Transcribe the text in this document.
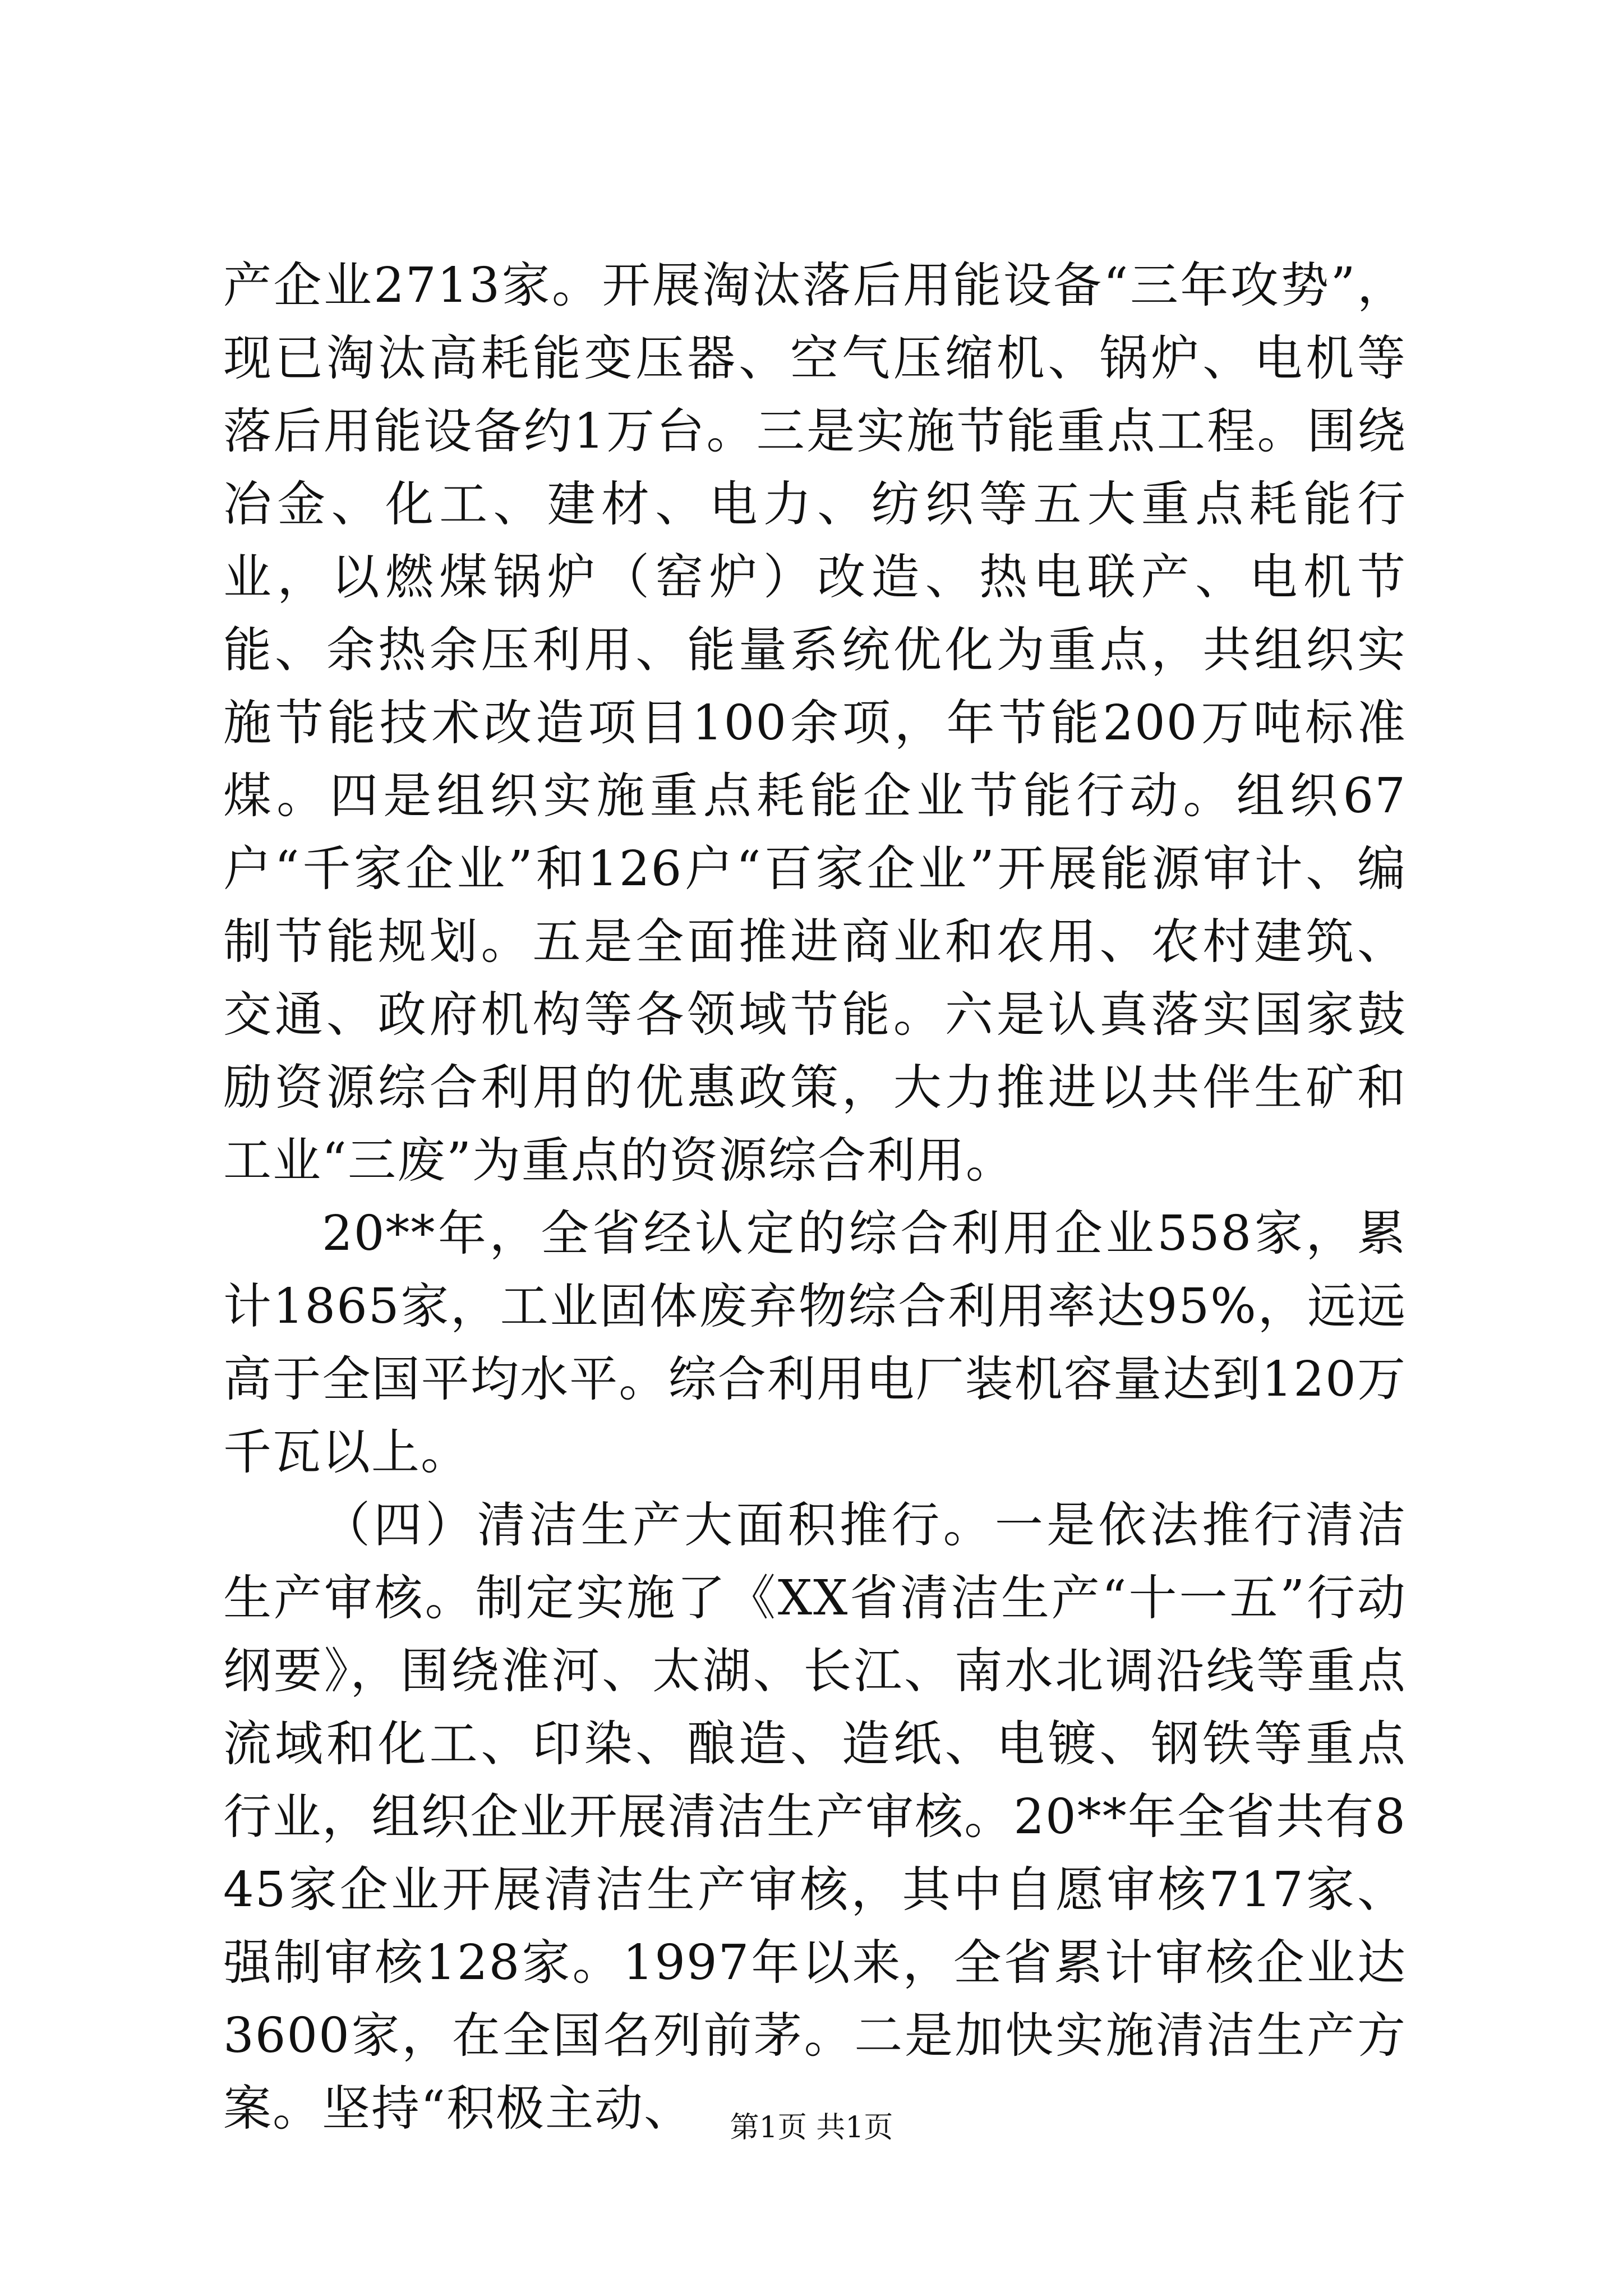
产企业2713家。开展淘汰落后用能设备“三年攻势”，现已淘汰高耗能变压器、空气压缩机、锅炉、电机等落后用能设备约1万台。三是实施节能重点工程。围绕冶金、化工、建材、电力、纺织等五大重点耗能行业，以燃煤锅炉（窑炉）改造、热电联产、电机节能、余热余压利用、能量系统优化为重点，共组织实施节能技术改造项目100余项，年节能200万吨标准煤。四是组织实施重点耗能企业节能行动。组织67户“千家企业”和126户“百家企业”开展能源审计、编制节能规划。五是全面推进商业和农用、农村建筑、交通、政府机构等各领域节能。六是认真落实国家鼓励资源综合利用的优惠政策，大力推进以共伴生矿和工业“三废”为重点的资源综合利用。

20**年，全省经认定的综合利用企业558家，累计1865家，工业固体废弃物综合利用率达95%，远远高于全国平均水平。综合利用电厂装机容量达到120万千瓦以上。

（四）清洁生产大面积推行。一是依法推行清洁生产审核。制定实施了《XX省清洁生产“十一五”行动纲要》，围绕淮河、太湖、长江、南水北调沿线等重点流域和化工、印染、酿造、造纸、电镀、钢铁等重点行业，组织企业开展清洁生产审核。20**年全省共有845家企业开展清洁生产审核，其中自愿审核717家、强制审核128家。1997年以来，全省累计审核企业达3600家，在全国名列前茅。二是加快实施清洁生产方案。坚持“积极主动、	第1页 共1页
